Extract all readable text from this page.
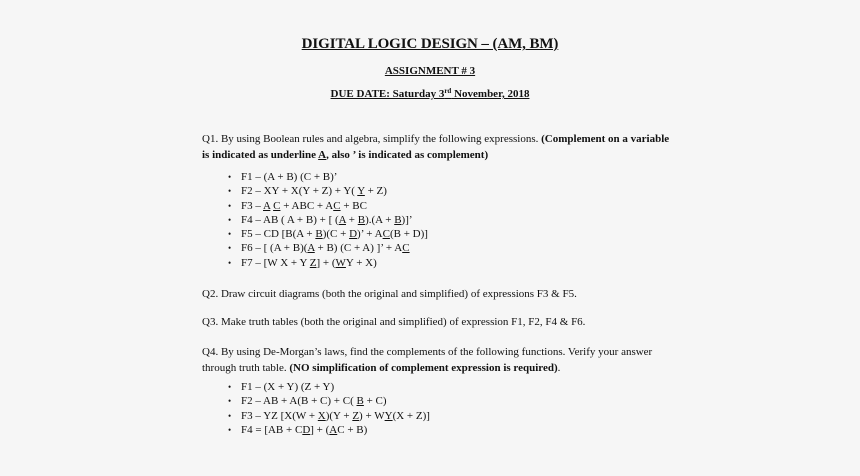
DIGITAL LOGIC DESIGN – (AM, BM)
ASSIGNMENT # 3
DUE DATE: Saturday 3rd November, 2018
Q1. By using Boolean rules and algebra, simplify the following expressions. (Complement on a variable is indicated as underline A, also ’ is indicated as complement)
• F1 – (A + B) (C + B)’
• F2 – XY + X(Y + Z) + Y( Y + Z)
• F3 – A C + ABC + AC + BC
• F4 – AB ( A + B) + [ (A + B).(A + B)]’
• F5 – CD [B(A + B)(C + D)’ + AC(B + D)]
• F6 – [ (A + B)(A + B) (C + A) ]’ + AC
• F7 – [W X + Y Z] + (WY + X)
Q2. Draw circuit diagrams (both the original and simplified) of expressions F3 & F5.
Q3. Make truth tables (both the original and simplified) of expression F1, F2, F4 & F6.
Q4. By using De-Morgan’s laws, find the complements of the following functions. Verify your answer through truth table. (NO simplification of complement expression is required).
• F1 – (X + Y) (Z + Y)
• F2 – AB + A(B + C) + C( B + C)
• F3 – YZ [X(W + X)(Y + Z) + WY(X + Z)]
• F4 = [AB + CD] + (AC + B)
